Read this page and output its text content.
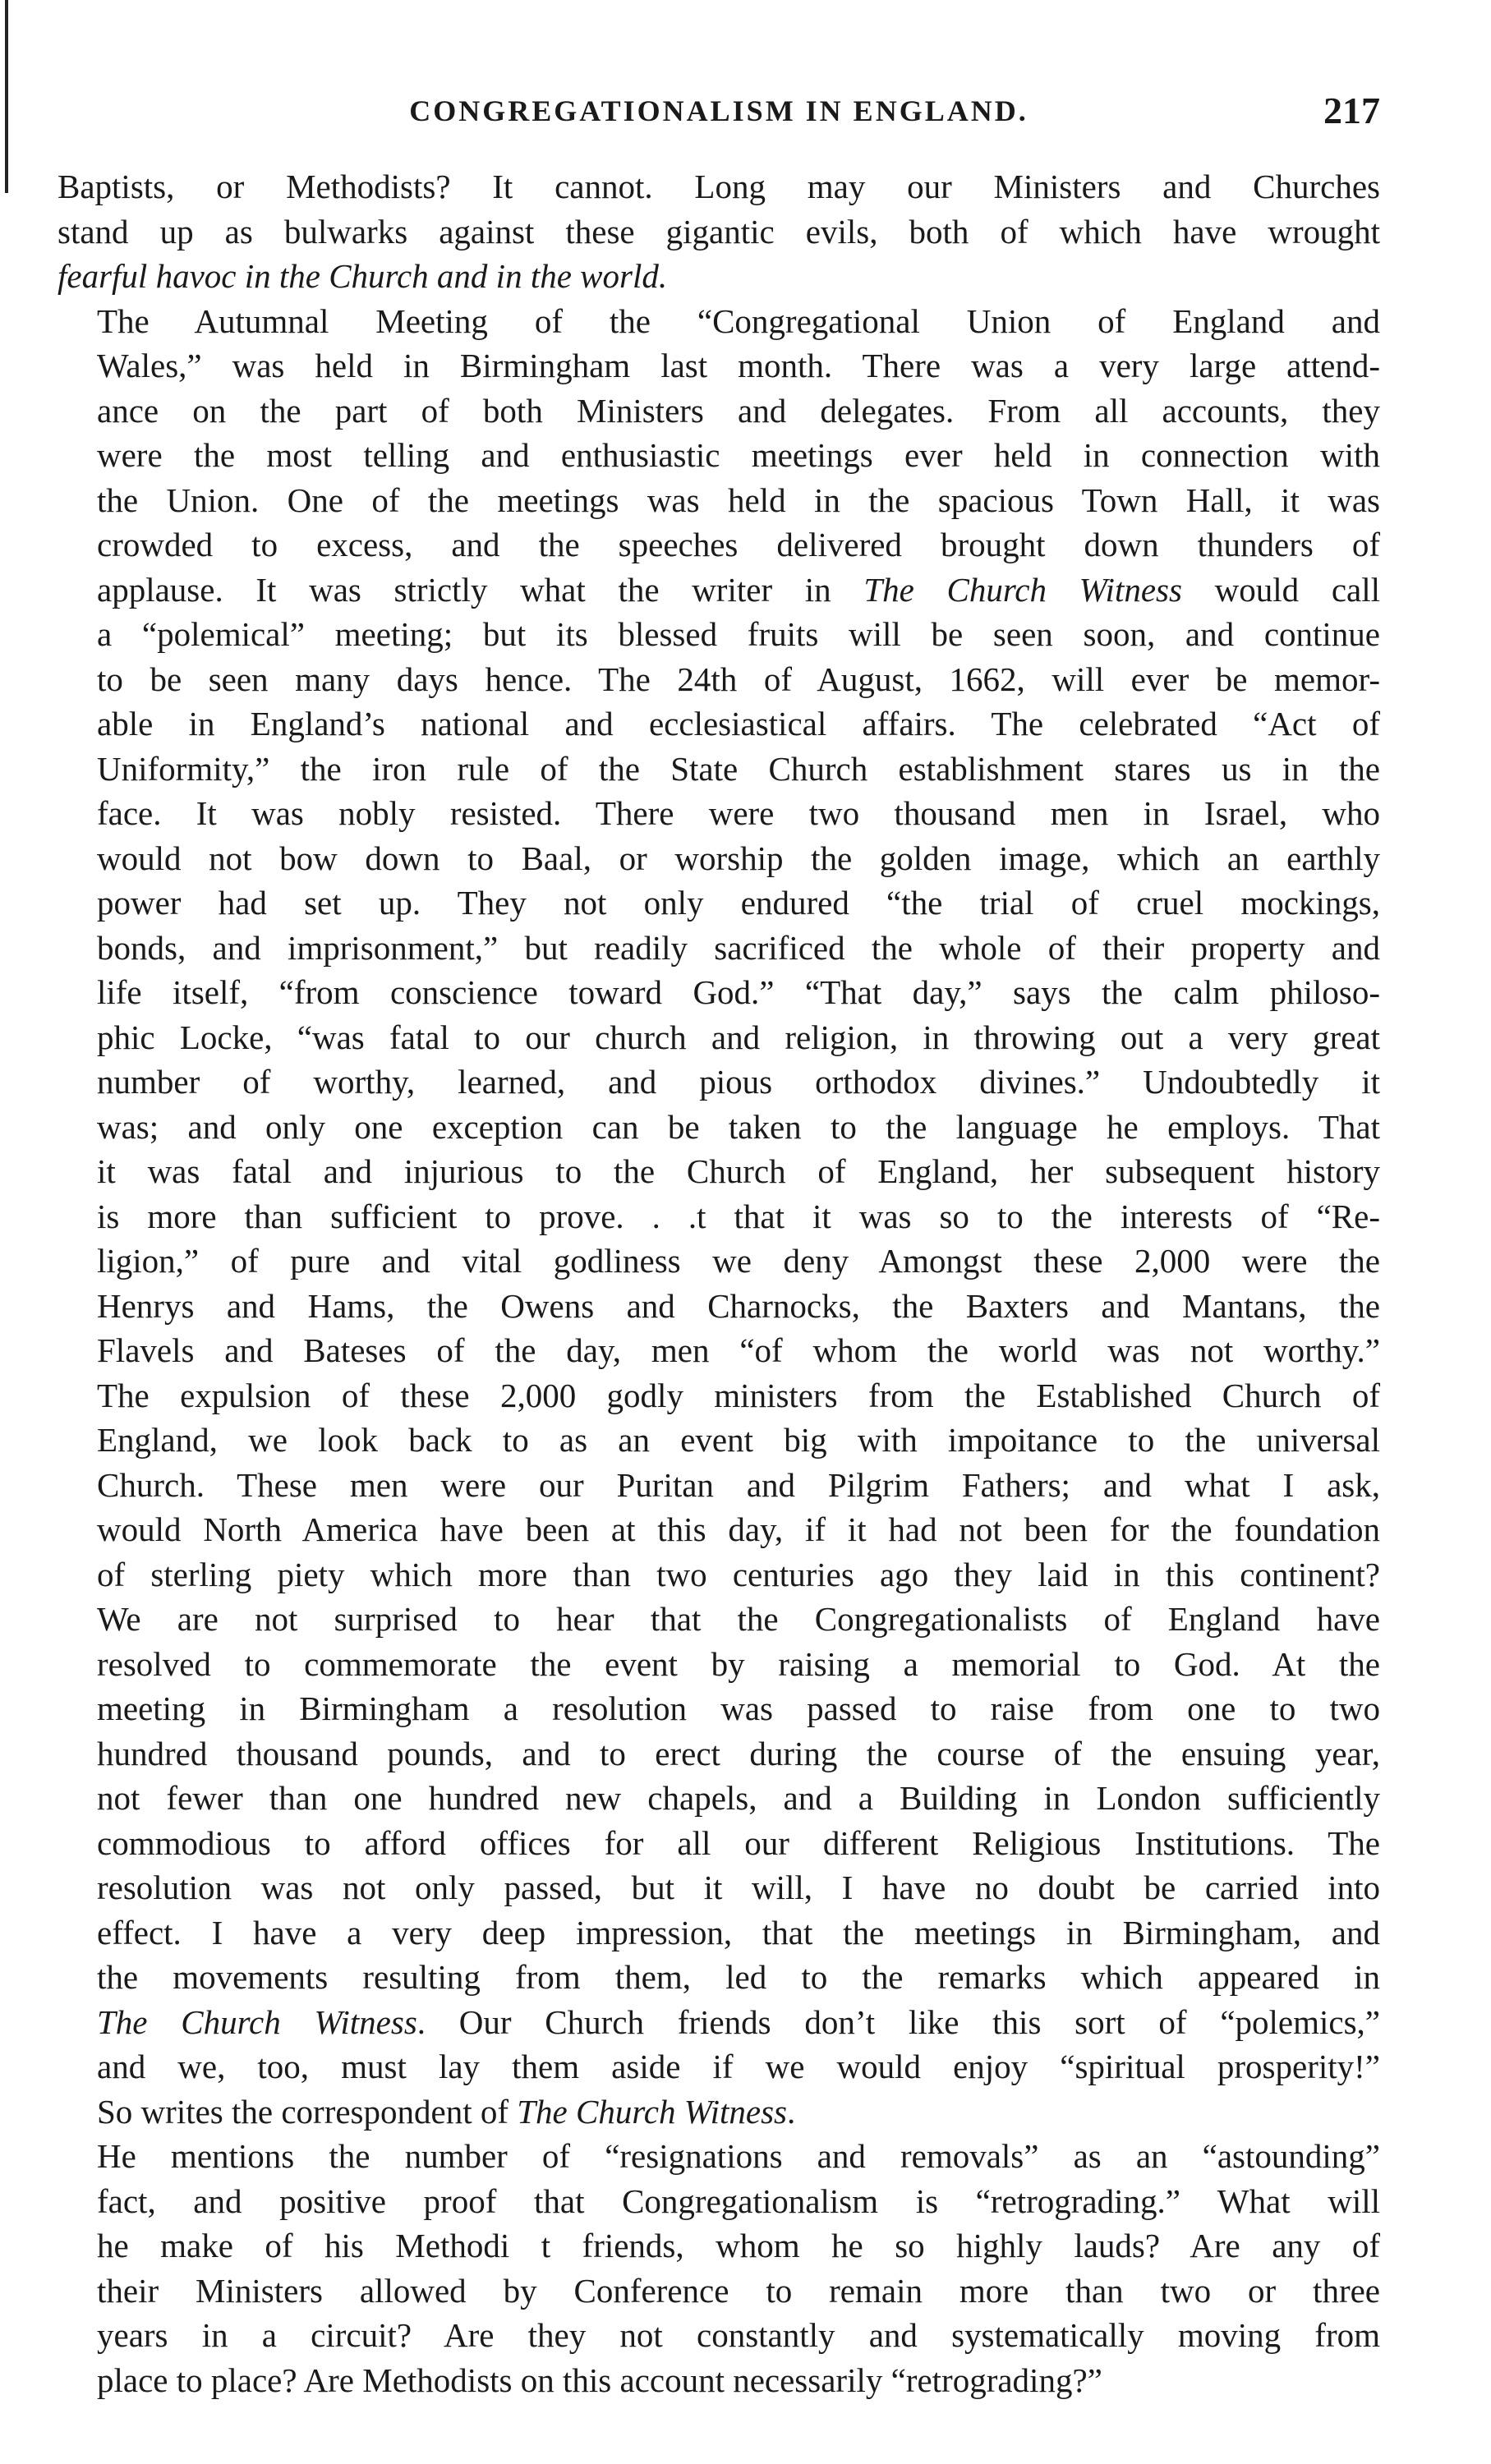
CONGREGATIONALISM IN ENGLAND.	217

Baptists, or Methodists? It cannot. Long may our Ministers and Churches
stand up as bulwarks against these gigantic evils, both of which have wrought
fearful havoc in the Church and in the world.

The Autumnal Meeting of the “Congregational Union of England and
Wales,” was held in Birmingham last month. There was a very large attend-
ance on the part of both Ministers and delegates. From all accounts, they
were the most telling and enthusiastic meetings ever held in connection with
the Union. One of the meetings was held in the spacious Town Hall, it was
crowded to excess, and the speeches delivered brought down thunders of
applause. It was strictly what the writer in The Church Witness would call
a “polemical” meeting; but its blessed fruits will be seen soon, and continue
to be seen many days hence. The 24th of August, 1662, will ever be memor-
able in England’s national and ecclesiastical affairs. The celebrated “Act of
Uniformity,” the iron rule of the State Church establishment stares us in the
face. It was nobly resisted. There were two thousand men in Israel, who
would not bow down to Baal, or worship the golden image, which an earthly
power had set up. They not only endured “the trial of cruel mockings,
bonds, and imprisonment,” but readily sacrificed the whole of their property and
life itself, “from conscience toward God.” “That day,” says the calm philoso-
phic Locke, “was fatal to our church and religion, in throwing out a very great
number of worthy, learned, and pious orthodox divines.” Undoubtedly it
was; and only one exception can be taken to the language he employs. That
it was fatal and injurious to the Church of England, her subsequent history
is more than sufficient to prove. . .t that it was so to the interests of “Re-
ligion,” of pure and vital godliness we deny Amongst these 2,000 were the
Henrys and Hams, the Owens and Charnocks, the Baxters and Mantans, the
Flavels and Bateses of the day, men “of whom the world was not worthy.”
The expulsion of these 2,000 godly ministers from the Established Church of
England, we look back to as an event big with impoitance to the universal
Church. These men were our Puritan and Pilgrim Fathers; and what I ask,
would North America have been at this day, if it had not been for the foundation
of sterling piety which more than two centuries ago they laid in this continent?
We are not surprised to hear that the Congregationalists of England have
resolved to commemorate the event by raising a memorial to God. At the
meeting in Birmingham a resolution was passed to raise from one to two
hundred thousand pounds, and to erect during the course of the ensuing year,
not fewer than one hundred new chapels, and a Building in London sufficiently
commodious to afford offices for all our different Religious Institutions. The
resolution was not only passed, but it will, I have no doubt be carried into
effect. I have a very deep impression, that the meetings in Birmingham, and
the movements resulting from them, led to the remarks which appeared in
The Church Witness. Our Church friends don’t like this sort of “polemics,”
and we, too, must lay them aside if we would enjoy “spiritual prosperity!”
So writes the correspondent of The Church Witness.

He mentions the number of “resignations and removals” as an “astounding”
fact, and positive proof that Congregationalism is “retrograding.” What will
he make of his Methodi t friends, whom he so highly lauds? Are any of
their Ministers allowed by Conference to remain more than two or three
years in a circuit? Are they not constantly and systematically moving from
place to place? Are Methodists on this account necessarily “retrograding?”
